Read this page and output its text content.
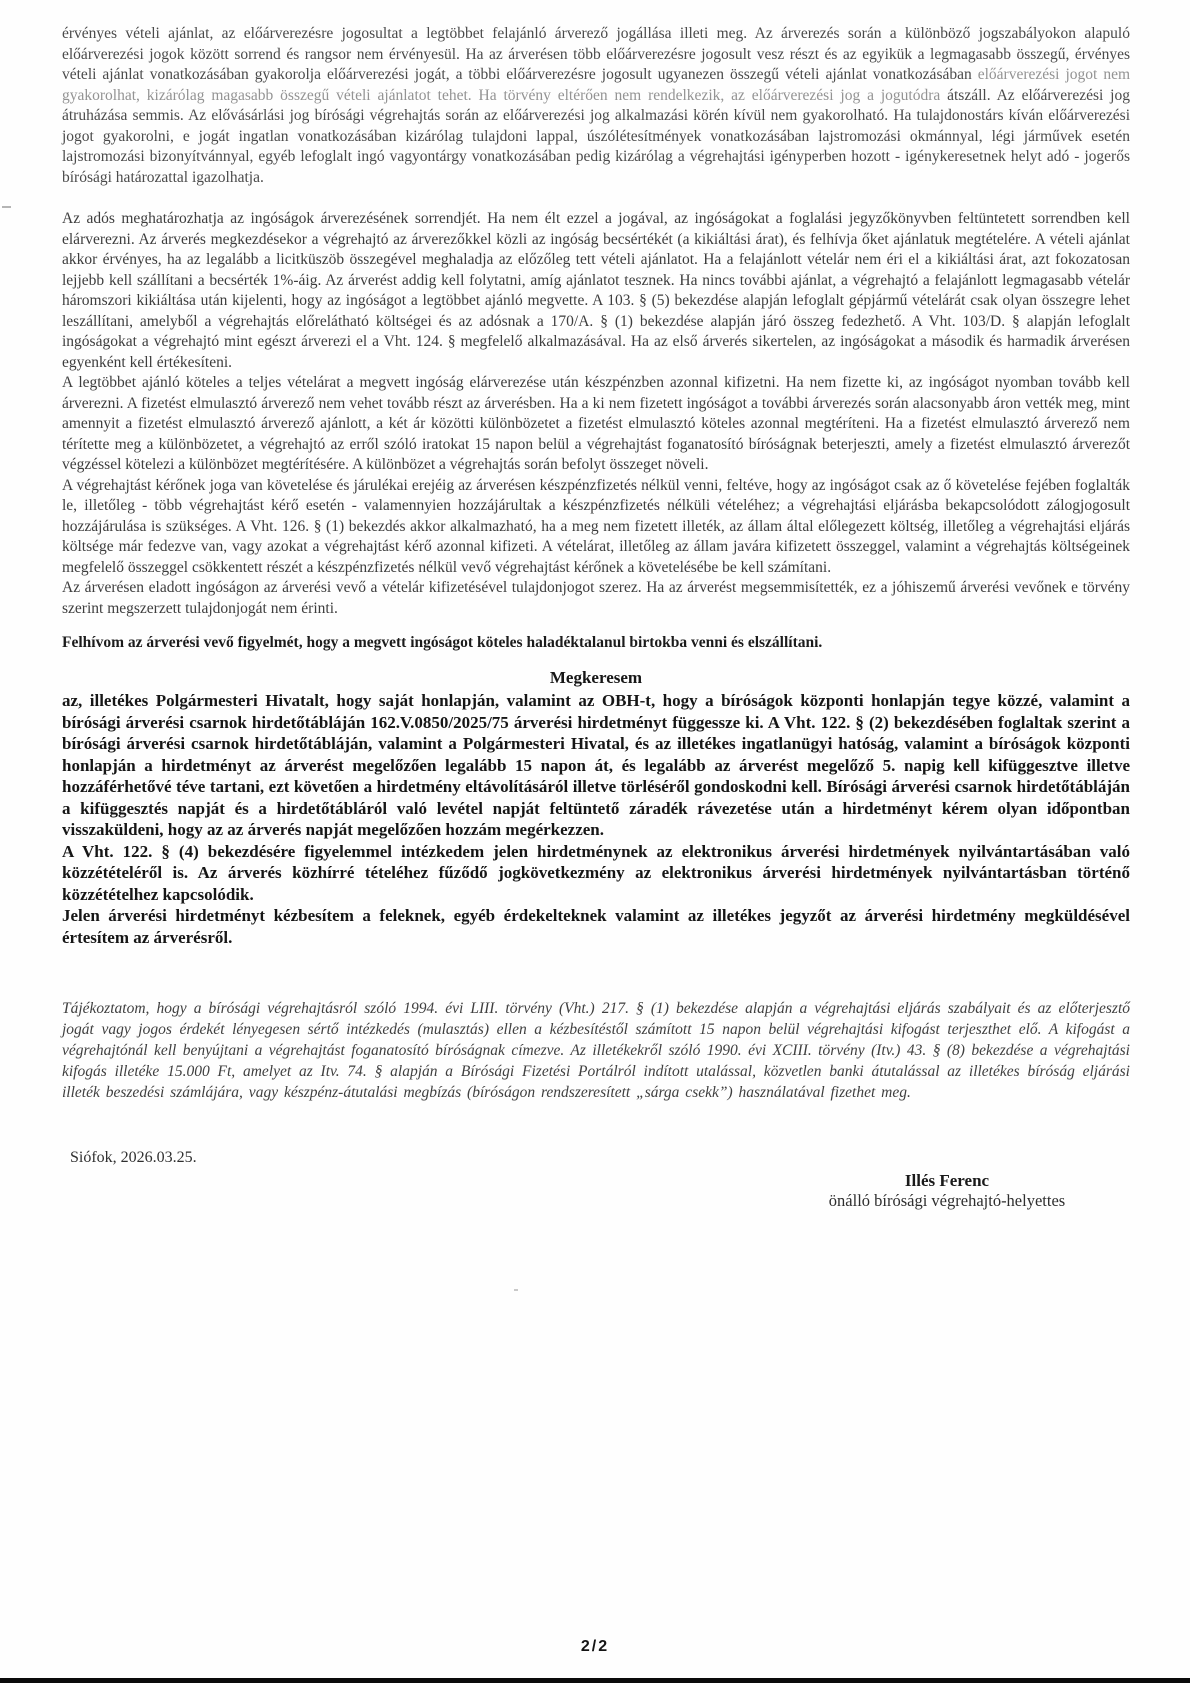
érvényes vételi ajánlat, az előárverezésre jogosultat a legtöbbet felajánló árverező jogállása illeti meg. Az árverezés során a különböző jogszabályokon alapuló előárverezési jogok között sorrend és rangsor nem érvényesül. Ha az árverésen több előárverezésre jogosult vesz részt és az egyikük a legmagasabb összegű, érvényes vételi ajánlat vonatkozásában gyakorolja előárverezési jogát, a többi előárverezésre jogosult ugyanezen összegű vételi ajánlat vonatkozásában előárverezési jogot nem gyakorolhat, kizárólag magasabb összegű vételi ajánlatot tehet. Ha törvény eltérően nem rendelkezik, az előárverezési jog a jogutódra átszáll. Az előárverezési jog átruházása semmis. Az elővásárlási jog bírósági végrehajtás során az előárverezési jog alkalmazási körén kívül nem gyakorolható. Ha tulajdonostárs kíván előárverezési jogot gyakorolni, e jogát ingatlan vonatkozásában kizárólag tulajdoni lappal, úszólétesítmények vonatkozásában lajstromozási okmánnyal, légi járművek esetén lajstromozási bizonyítvánnyal, egyéb lefoglalt ingó vagyontárgy vonatkozásában pedig kizárólag a végrehajtási igényperben hozott - igénykeresetnek helyt adó - jogerős bírósági határozattal igazolhatja.

Az adós meghatározhatja az ingóságok árverezésének sorrendjét. Ha nem élt ezzel a jogával, az ingóságokat a foglalási jegyzőkönyvben feltüntetett sorrendben kell elárverezni. Az árverés megkezdésekor a végrehajtó az árverezőkkel közli az ingóság becsértékét (a kikiáltási árat), és felhívja őket ajánlatuk megtételére. A vételi ajánlat akkor érvényes, ha az legalább a licitküszöb összegével meghaladja az előzőleg tett vételi ajánlatot. Ha a felajánlott vételár nem éri el a kikiáltási árat, azt fokozatosan lejjebb kell szállítani a becsérték 1%-áig. Az árverést addig kell folytatni, amíg ajánlatot tesznek. Ha nincs további ajánlat, a végrehajtó a felajánlott legmagasabb vételár háromszori kikiáltása után kijelenti, hogy az ingóságot a legtöbbet ajánló megvette. A 103. § (5) bekezdése alapján lefoglalt gépjármű vételárát csak olyan összegre lehet leszállítani, amelyből a végrehajtás előrelátható költségei és az adósnak a 170/A. § (1) bekezdése alapján járó összeg fedezhető. A Vht. 103/D. § alapján lefoglalt ingóságokat a végrehajtó mint egészt árverezi el a Vht. 124. § megfelelő alkalmazásával. Ha az első árverés sikertelen, az ingóságokat a második és harmadik árverésen egyenként kell értékesíteni.

A legtöbbet ajánló köteles a teljes vételárat a megvett ingóság elárverezése után készpénzben azonnal kifizetni. Ha nem fizette ki, az ingóságot nyomban tovább kell árverezni. A fizetést elmulasztó árverező nem vehet tovább részt az árverésben. Ha a ki nem fizetett ingóságot a további árverezés során alacsonyabb áron vették meg, mint amennyit a fizetést elmulasztó árverező ajánlott, a két ár közötti különbözetet a fizetést elmulasztó köteles azonnal megtéríteni. Ha a fizetést elmulasztó árverező nem térítette meg a különbözetet, a végrehajtó az erről szóló iratokat 15 napon belül a végrehajtást foganatosító bíróságnak beterjeszti, amely a fizetést elmulasztó árverezőt végzéssel kötelezi a különbözet megtérítésére. A különbözet a végrehajtás során befolyt összeget növeli.

A végrehajtást kérőnek joga van követelése és járulékai erejéig az árverésen készpénzfizetés nélkül venni, feltéve, hogy az ingóságot csak az ő követelése fejében foglalták le, illetőleg - több végrehajtást kérő esetén - valamennyien hozzájárultak a készpénzfizetés nélküli vételéhez; a végrehajtási eljárásba bekapcsolódott zálogjogosult hozzájárulása is szükséges. A Vht. 126. § (1) bekezdés akkor alkalmazható, ha a meg nem fizetett illeték, az állam által előlegezett költség, illetőleg a végrehajtási eljárás költsége már fedezve van, vagy azokat a végrehajtást kérő azonnal kifizeti. A vételárat, illetőleg az állam javára kifizetett összeggel, valamint a végrehajtás költségeinek megfelelő összeggel csökkentett részét a készpénzfizetés nélkül vevő végrehajtást kérőnek a követelésébe be kell számítani.

Az árverésen eladott ingóságon az árverési vevő a vételár kifizetésével tulajdonjogot szerez. Ha az árverést megsemmisítették, ez a jóhiszemű árverési vevőnek e törvény szerint megszerzett tulajdonjogát nem érinti.

Felhívom az árverési vevő figyelmét, hogy a megvett ingóságot köteles haladéktalanul birtokba venni és elszállítani.

Megkeresem

az, illetékes Polgármesteri Hivatalt, hogy saját honlapján, valamint az OBH-t, hogy a bíróságok központi honlapján tegye közzé, valamint a bírósági árverési csarnok hirdetőtábláján 162.V.0850/2025/75 árverési hirdetményt függessze ki. A Vht. 122. § (2) bekezdésében foglaltak szerint a bírósági árverési csarnok hirdetőtábláján, valamint a Polgármesteri Hivatal, és az illetékes ingatlanügyi hatóság, valamint a bíróságok központi honlapján a hirdetményt az árverést megelőzően legalább 15 napon át, és legalább az árverést megelőző 5. napig kell kifüggesztve illetve hozzáférhetővé téve tartani, ezt követően a hirdetmény eltávolításáról illetve törléséről gondoskodni kell. Bírósági árverési csarnok hirdetőtábláján a kifüggesztés napját és a hirdetőtábláról való levétel napját feltüntető záradék rávezetése után a hirdetményt kérem olyan időpontban visszaküldeni, hogy az az árverés napját megelőzően hozzám megérkezzen.

A Vht. 122. § (4) bekezdésére figyelemmel intézkedem jelen hirdetménynek az elektronikus árverési hirdetmények nyilvántartásában való közzétételéről is. Az árverés közhírré tételéhez fűződő jogkövetkezmény az elektronikus árverési hirdetmények nyilvántartásban történő közzétételhez kapcsolódik.

Jelen árverési hirdetményt kézbesítem a feleknek, egyéb érdekelteknek valamint az illetékes jegyzőt az árverési hirdetmény megküldésével értesítem az árverésről.

Tájékoztatom, hogy a bírósági végrehajtásról szóló 1994. évi LIII. törvény (Vht.) 217. § (1) bekezdése alapján a végrehajtási eljárás szabályait és az előterjesztő jogát vagy jogos érdekét lényegesen sértő intézkedés (mulasztás) ellen a kézbesítéstől számított 15 napon belül végrehajtási kifogást terjeszthet elő. A kifogást a végrehajtónál kell benyújtani a végrehajtást foganatosító bíróságnak címezve. Az illetékekről szóló 1990. évi XCIII. törvény (Itv.) 43. § (8) bekezdése a végrehajtási kifogás illetéke 15.000 Ft, amelyet az Itv. 74. § alapján a Bírósági Fizetési Portálról indított utalással, közvetlen banki átutalással az illetékes bíróság eljárási illeték beszedési számlájára, vagy készpénz-átutalási megbízás (bíróságon rendszeresített „sárga csekk”) használatával fizethet meg.

Siófok, 2026.03.25.

Illés Ferenc
önálló bírósági végrehajtó-helyettes
2/2
